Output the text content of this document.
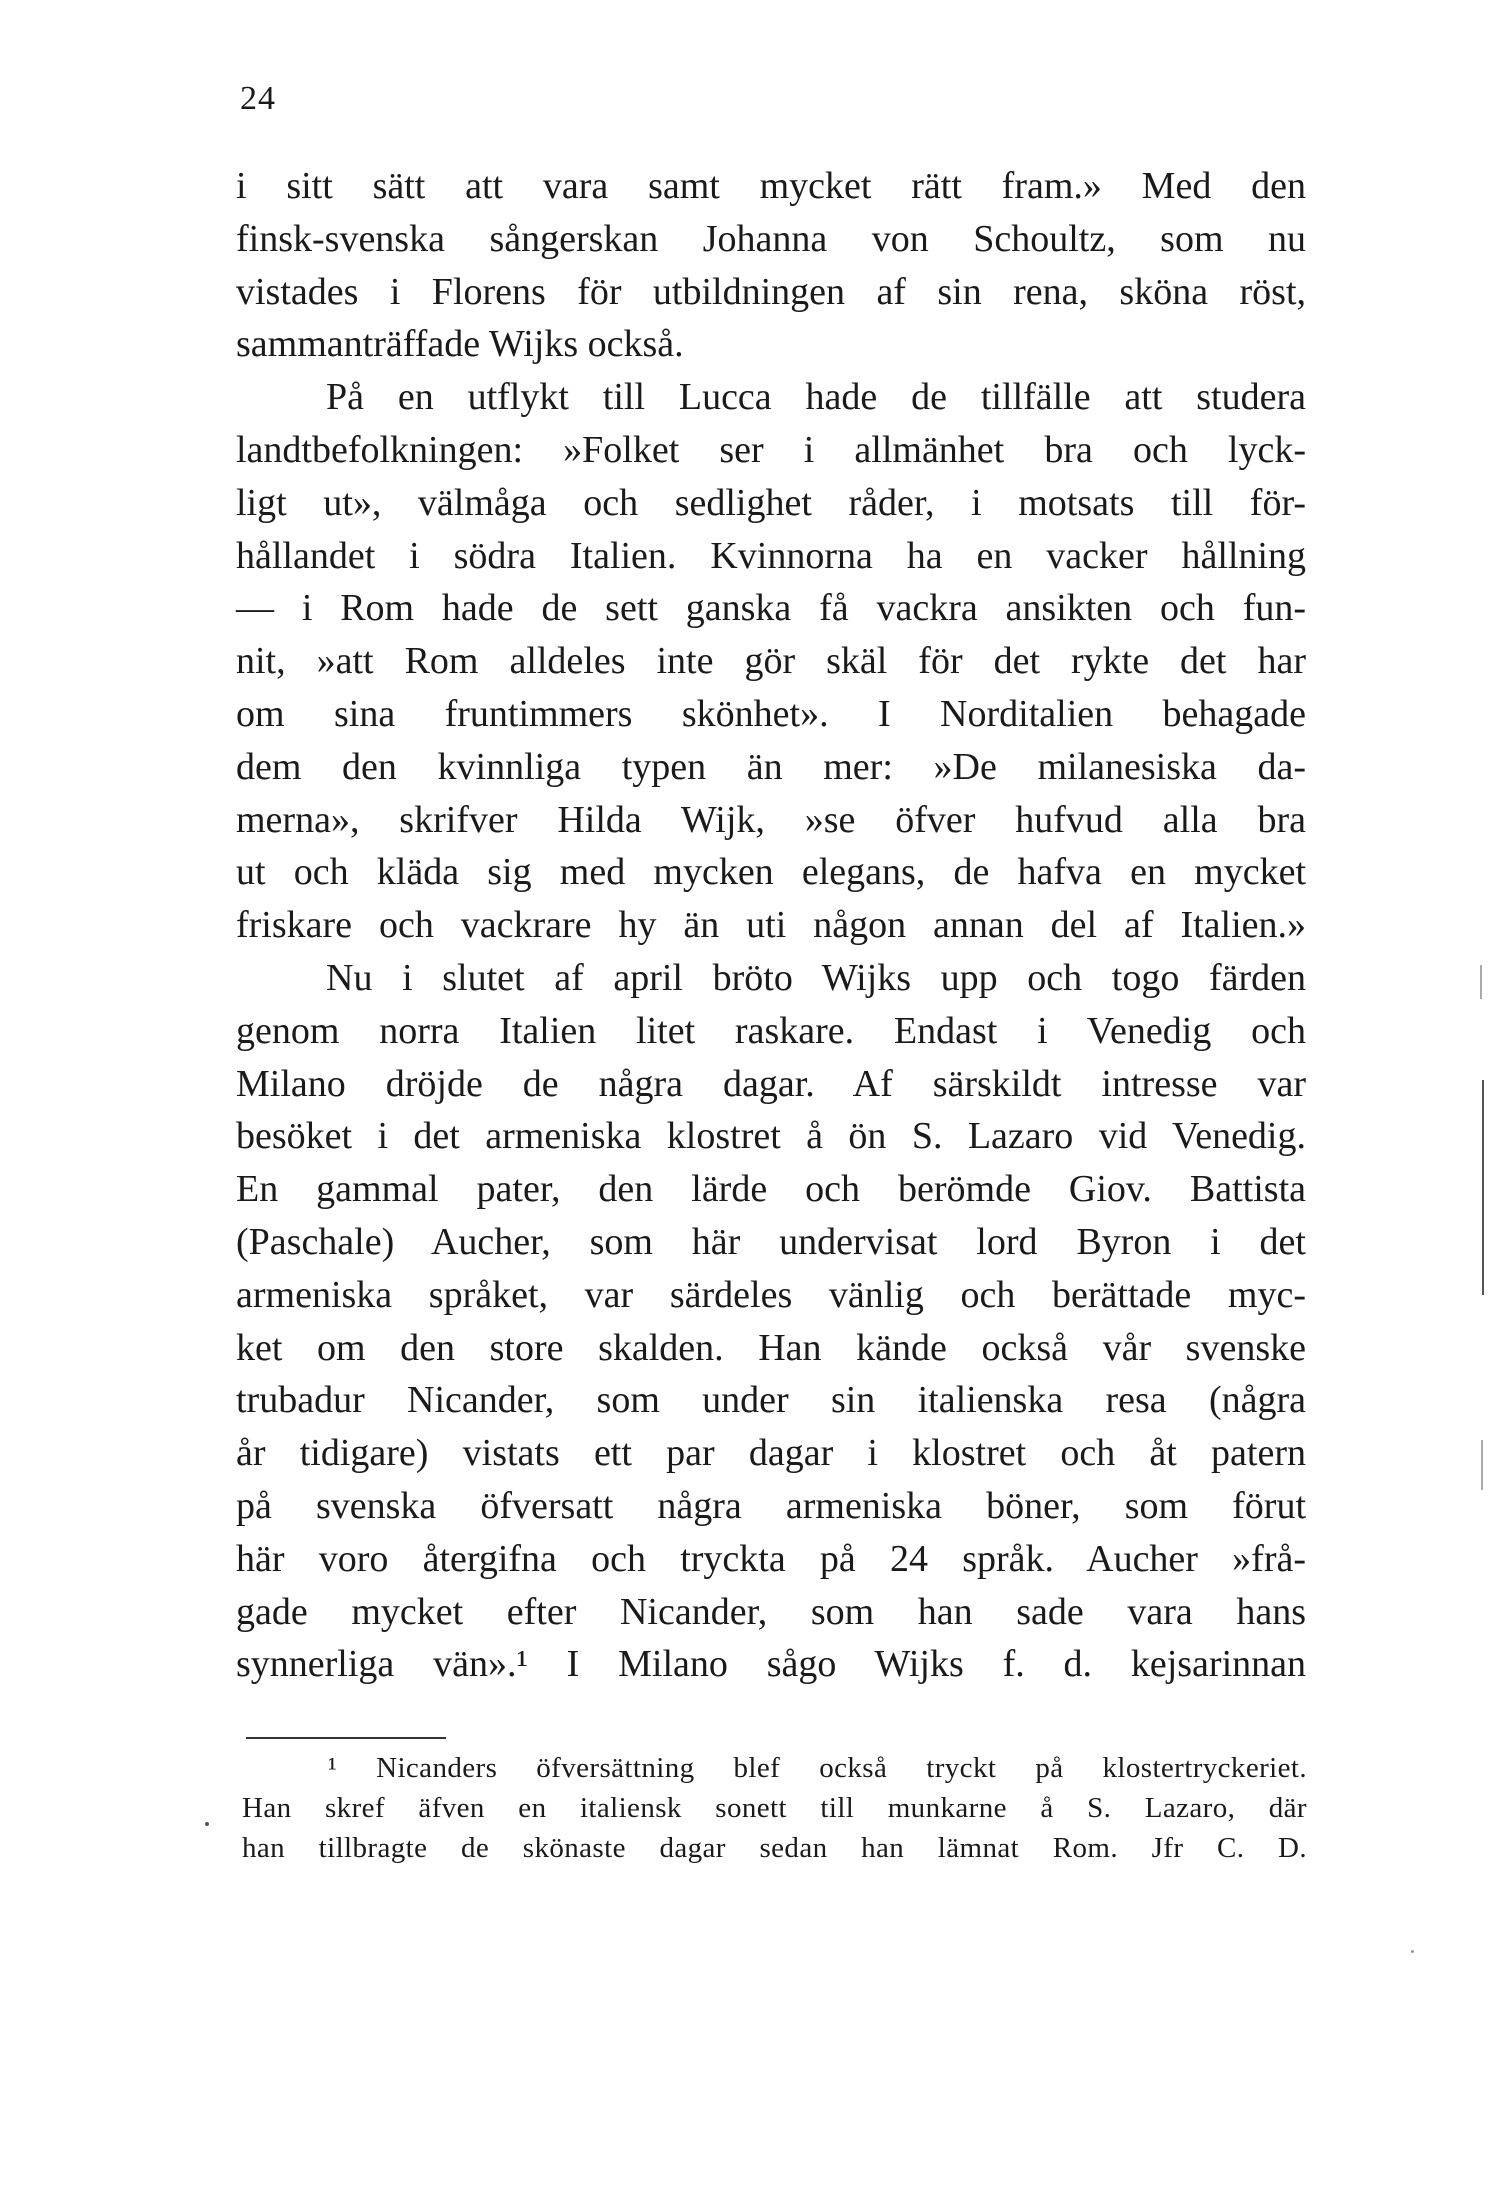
24
i sitt sätt att vara samt mycket rätt fram.» Med den
finsk-svenska sångerskan Johanna von Schoultz, som nu
vistades i Florens för utbildningen af sin rena, sköna röst,
sammanträffade Wijks också.
På en utflykt till Lucca hade de tillfälle att studera
landtbefolkningen: »Folket ser i allmänhet bra och lyck-
ligt ut», välmåga och sedlighet råder, i motsats till för-
hållandet i södra Italien. Kvinnorna ha en vacker hållning
— i Rom hade de sett ganska få vackra ansikten och fun-
nit, »att Rom alldeles inte gör skäl för det rykte det har
om sina fruntimmers skönhet». I Norditalien behagade
dem den kvinnliga typen än mer: »De milanesiska da-
merna», skrifver Hilda Wijk, »se öfver hufvud alla bra
ut och kläda sig med mycken elegans, de hafva en mycket
friskare och vackrare hy än uti någon annan del af Italien.»
Nu i slutet af april bröto Wijks upp och togo färden
genom norra Italien litet raskare. Endast i Venedig och
Milano dröjde de några dagar. Af särskildt intresse var
besöket i det armeniska klostret å ön S. Lazaro vid Venedig.
En gammal pater, den lärde och berömde Giov. Battista
(Paschale) Aucher, som här undervisat lord Byron i det
armeniska språket, var särdeles vänlig och berättade myc-
ket om den store skalden. Han kände också vår svenske
trubadur Nicander, som under sin italienska resa (några
år tidigare) vistats ett par dagar i klostret och åt patern
på svenska öfversatt några armeniska böner, som förut
här voro återgifna och tryckta på 24 språk. Aucher »frå-
gade mycket efter Nicander, som han sade vara hans
synnerliga vän».¹ I Milano sågo Wijks f. d. kejsarinnan
¹ Nicanders öfversättning blef också tryckt på klostertryckeriet.
Han skref äfven en italiensk sonett till munkarne å S. Lazaro, där
han tillbragte de skönaste dagar sedan han lämnat Rom. Jfr C. D.
